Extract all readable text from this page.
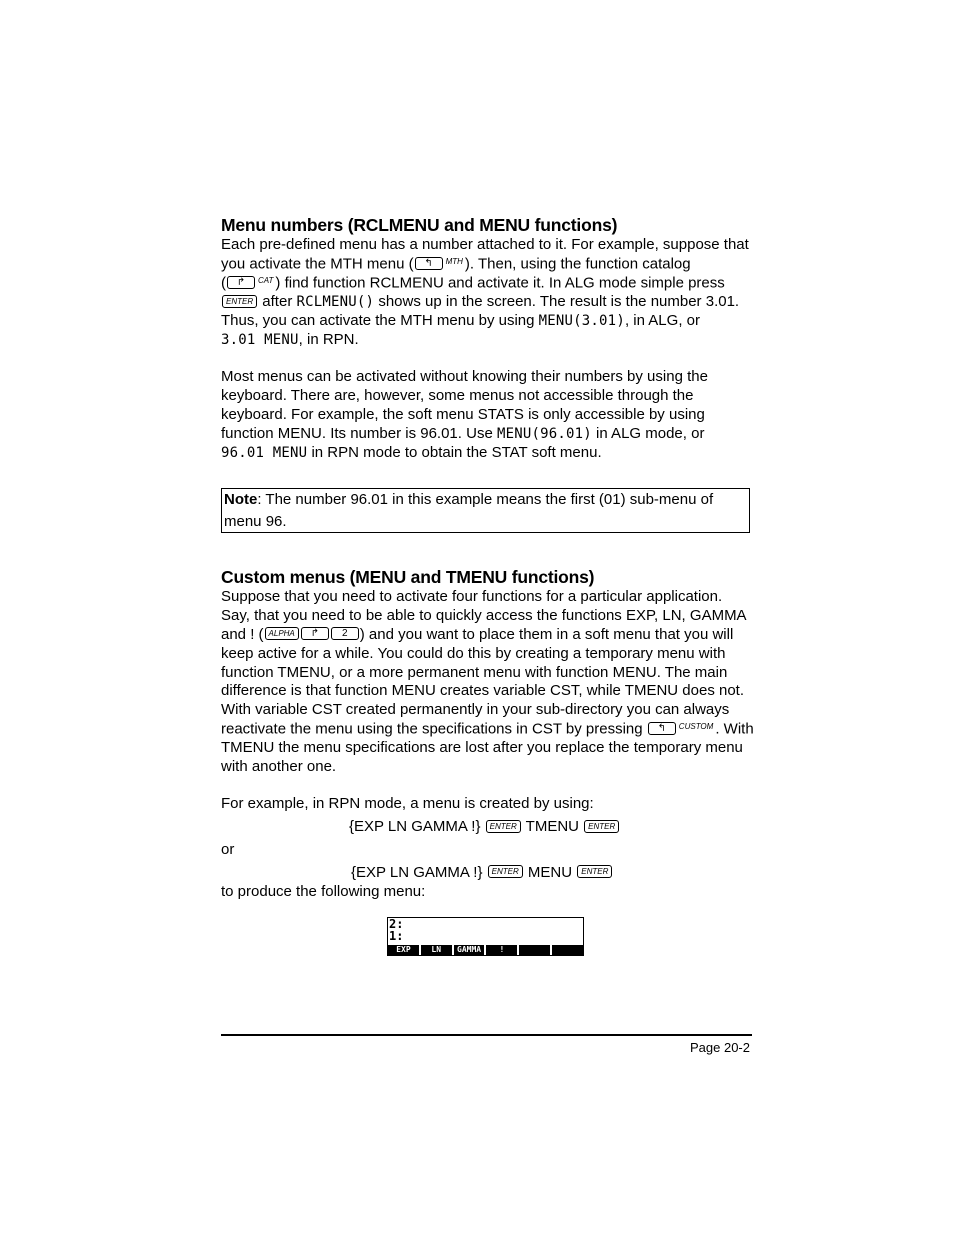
Menu numbers (RCLMENU and MENU functions)
Each pre-defined menu has a number attached to it. For example, suppose that
you activate the MTH menu ( ↰ MTH ). Then, using the function catalog
( ↱ CAT ) find function RCLMENU and activate it. In ALG mode simple press
ENTER after RCLMENU() shows up in the screen. The result is the number 3.01.
Thus, you can activate the MTH menu by using MENU(3.01), in ALG, or
3.01 MENU, in RPN.
Most menus can be activated without knowing their numbers by using the
keyboard. There are, however, some menus not accessible through the
keyboard. For example, the soft menu STATS is only accessible by using
function MENU. Its number is 96.01. Use MENU(96.01) in ALG mode, or
96.01 MENU in RPN mode to obtain the STAT soft menu.
Note: The number 96.01 in this example means the first (01) sub-menu of
menu 96.
Custom menus (MENU and TMENU functions)
Suppose that you need to activate four functions for a particular application.
Say, that you need to be able to quickly access the functions EXP, LN, GAMMA
and ! ( ALPHA ↱ 2 ) and you want to place them in a soft menu that you will
keep active for a while. You could do this by creating a temporary menu with
function TMENU, or a more permanent menu with function MENU. The main
difference is that function MENU creates variable CST, while TMENU does not.
With variable CST created permanently in your sub-directory you can always
reactivate the menu using the specifications in CST by pressing ↰ CUSTOM . With
TMENU the menu specifications are lost after you replace the temporary menu
with another one.
For example, in RPN mode, a menu is created by using:
{EXP LN GAMMA !} ENTER TMENU ENTER
or
{EXP LN GAMMA !} ENTER MENU ENTER
to produce the following menu:
2:
1:
EXP	LN	GAMMA	!
Page 20-2
